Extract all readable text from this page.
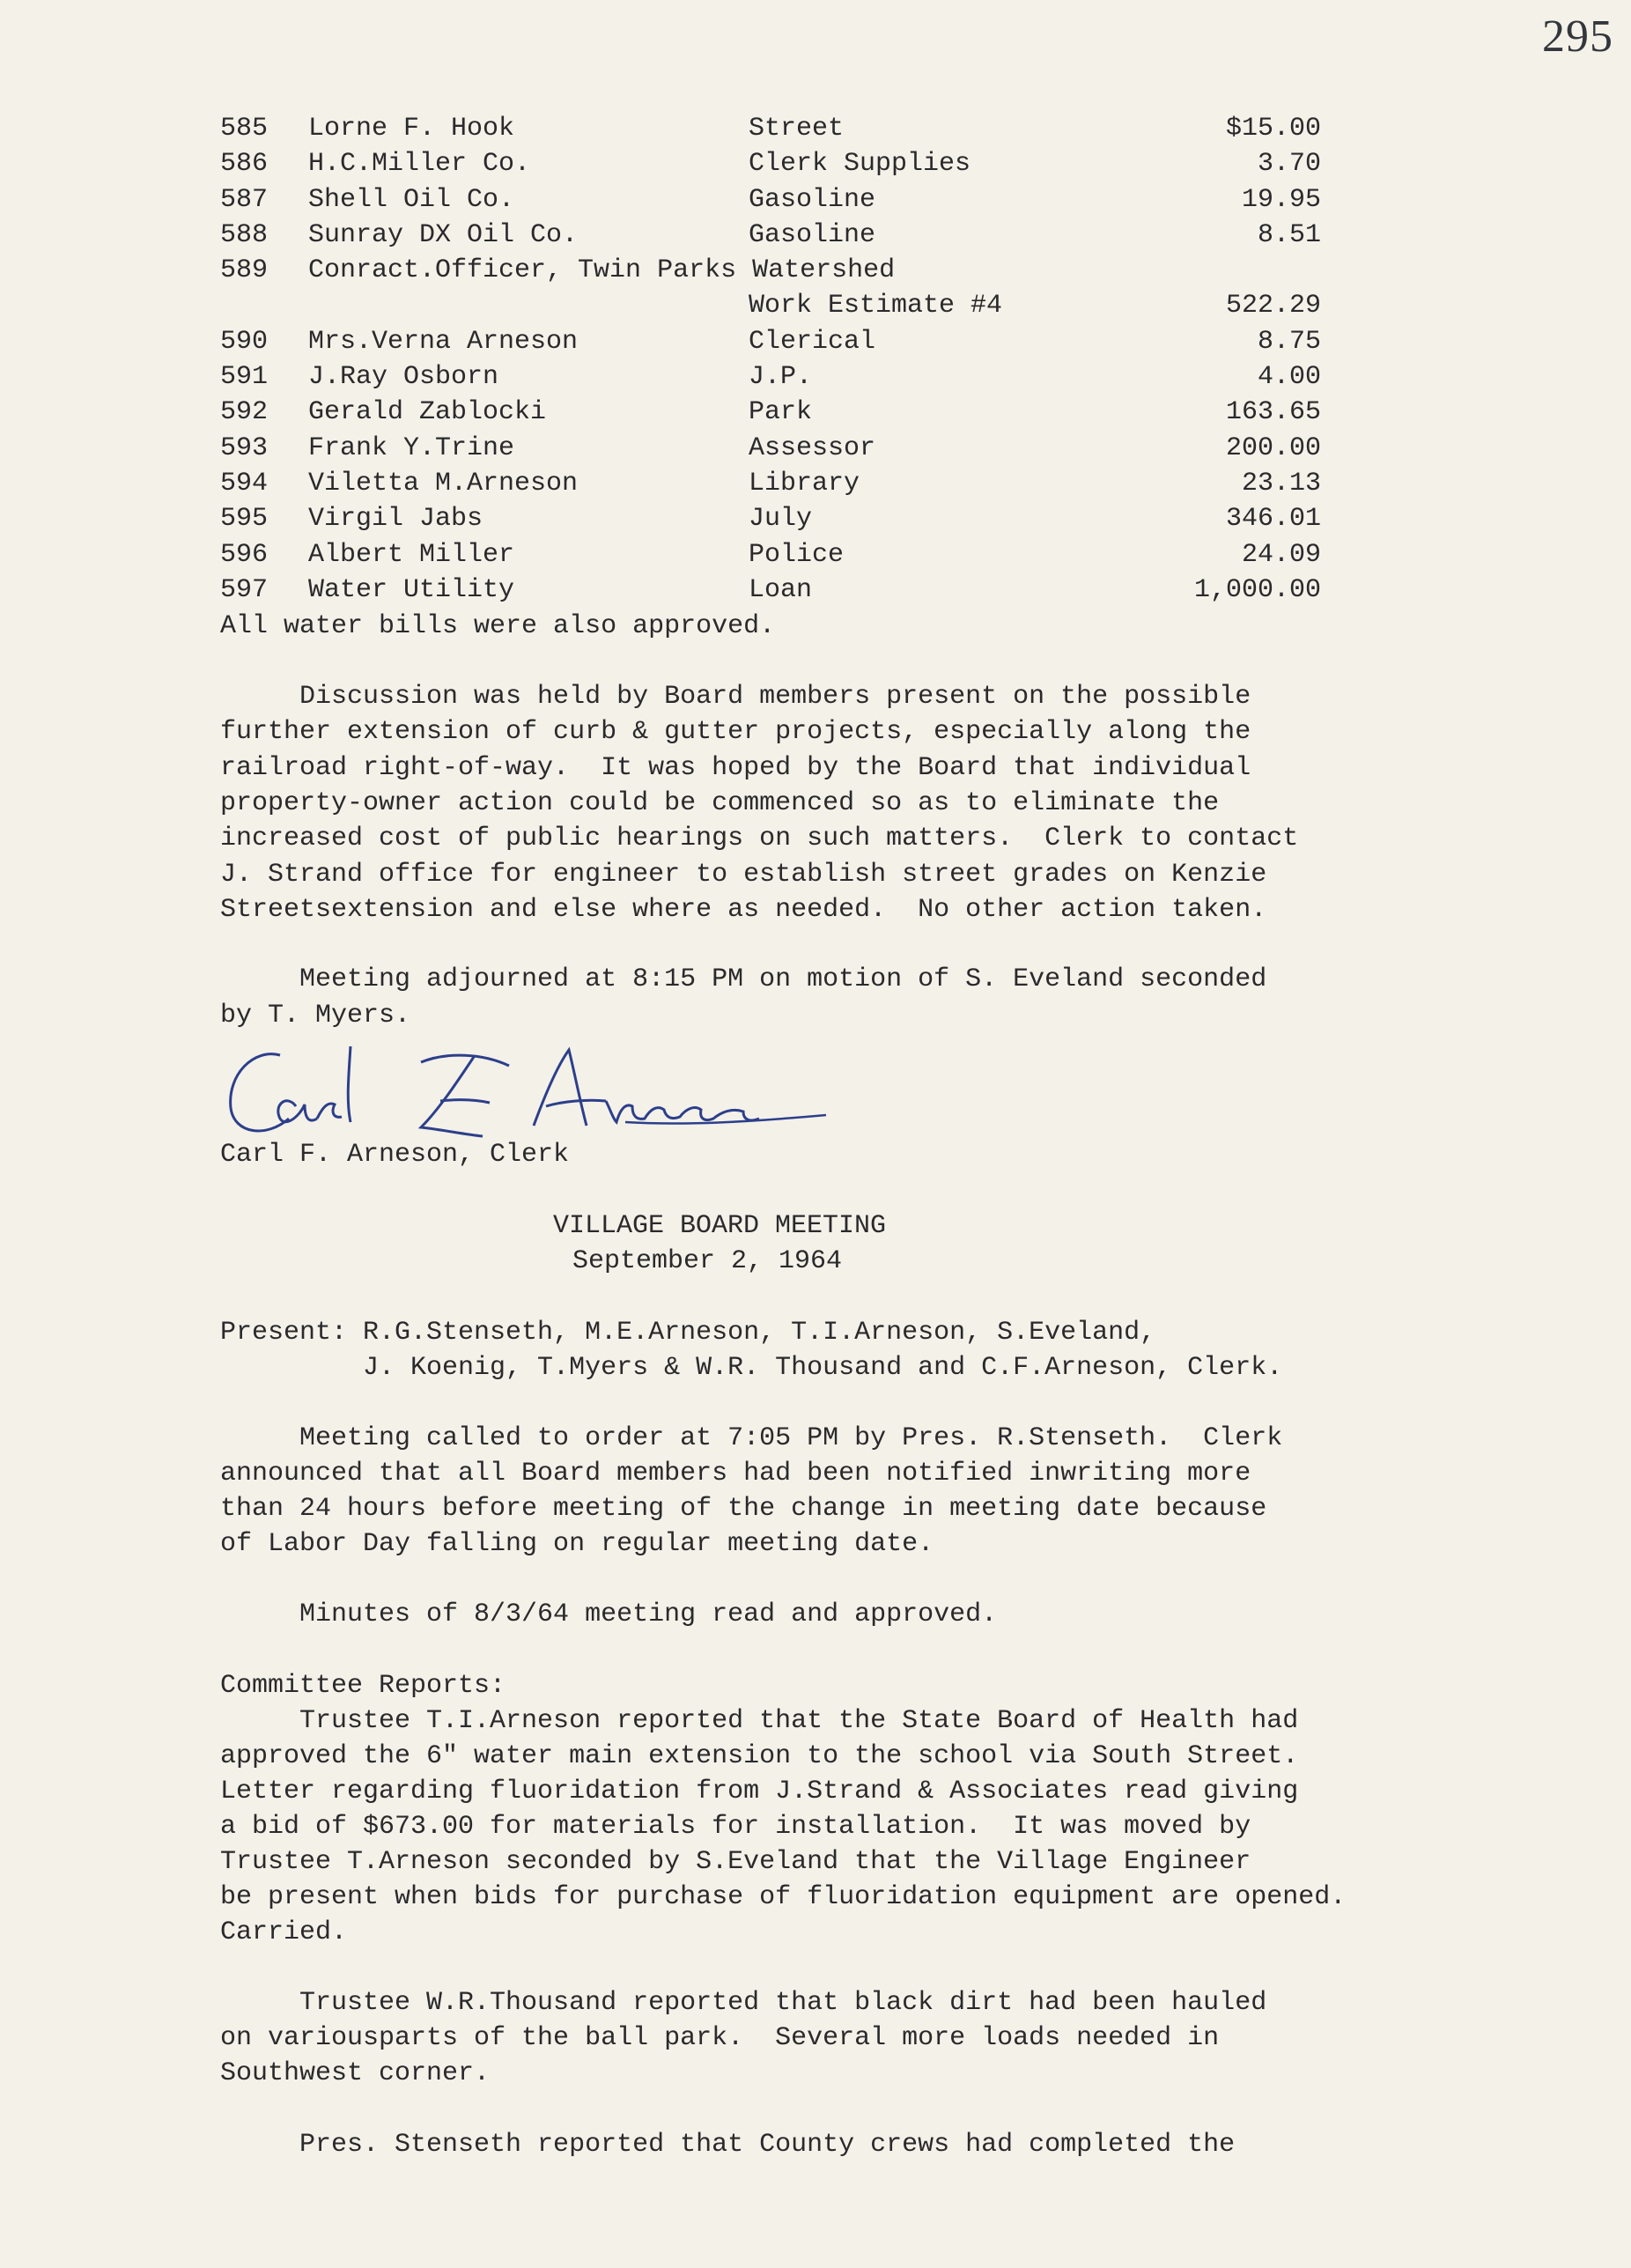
295
585 Lorne F. Hook	Street	$15.00
586 H.C.Miller Co.	Clerk Supplies	3.70
587 Shell Oil Co.	Gasoline	19.95
588 Sunray DX Oil Co.	Gasoline	8.51
589 Conract.Officer, Twin Parks Watershed
Work Estimate #4	522.29
590 Mrs.Verna Arneson	Clerical	8.75
591 J.Ray Osborn	J.P.	4.00
592 Gerald Zablocki	Park	163.65
593 Frank Y.Trine	Assessor	200.00
594 Viletta M.Arneson	Library	23.13
595 Virgil Jabs	July	346.01
596 Albert Miller	Police	24.09
597 Water Utility	Loan	1,000.00
All water bills were also approved.
Discussion was held by Board members present on the possible
further extension of curb & gutter projects, especially along the
railroad right-of-way.  It was hoped by the Board that individual
property-owner action could be commenced so as to eliminate the
increased cost of public hearings on such matters.  Clerk to contact
J. Strand office for engineer to establish street grades on Kenzie
Streetsextension and else where as needed.  No other action taken.
Meeting adjourned at 8:15 PM on motion of S. Eveland seconded
by T. Myers.
Carl F. Arneson, Clerk
VILLAGE BOARD MEETING
September 2, 1964
Present: R.G.Stenseth, M.E.Arneson, T.I.Arneson, S.Eveland,
J. Koenig, T.Myers & W.R. Thousand and C.F.Arneson, Clerk.
Meeting called to order at 7:05 PM by Pres. R.Stenseth.  Clerk
announced that all Board members had been notified inwriting more
than 24 hours before meeting of the change in meeting date because
of Labor Day falling on regular meeting date.
Minutes of 8/3/64 meeting read and approved.
Committee Reports:
Trustee T.I.Arneson reported that the State Board of Health had
approved the 6" water main extension to the school via South Street.
Letter regarding fluoridation from J.Strand & Associates read giving
a bid of $673.00 for materials for installation.  It was moved by
Trustee T.Arneson seconded by S.Eveland that the Village Engineer
be present when bids for purchase of fluoridation equipment are opened.
Carried.
Trustee W.R.Thousand reported that black dirt had been hauled
on variousparts of the ball park.  Several more loads needed in
Southwest corner.
Pres. Stenseth reported that County crews had completed the
